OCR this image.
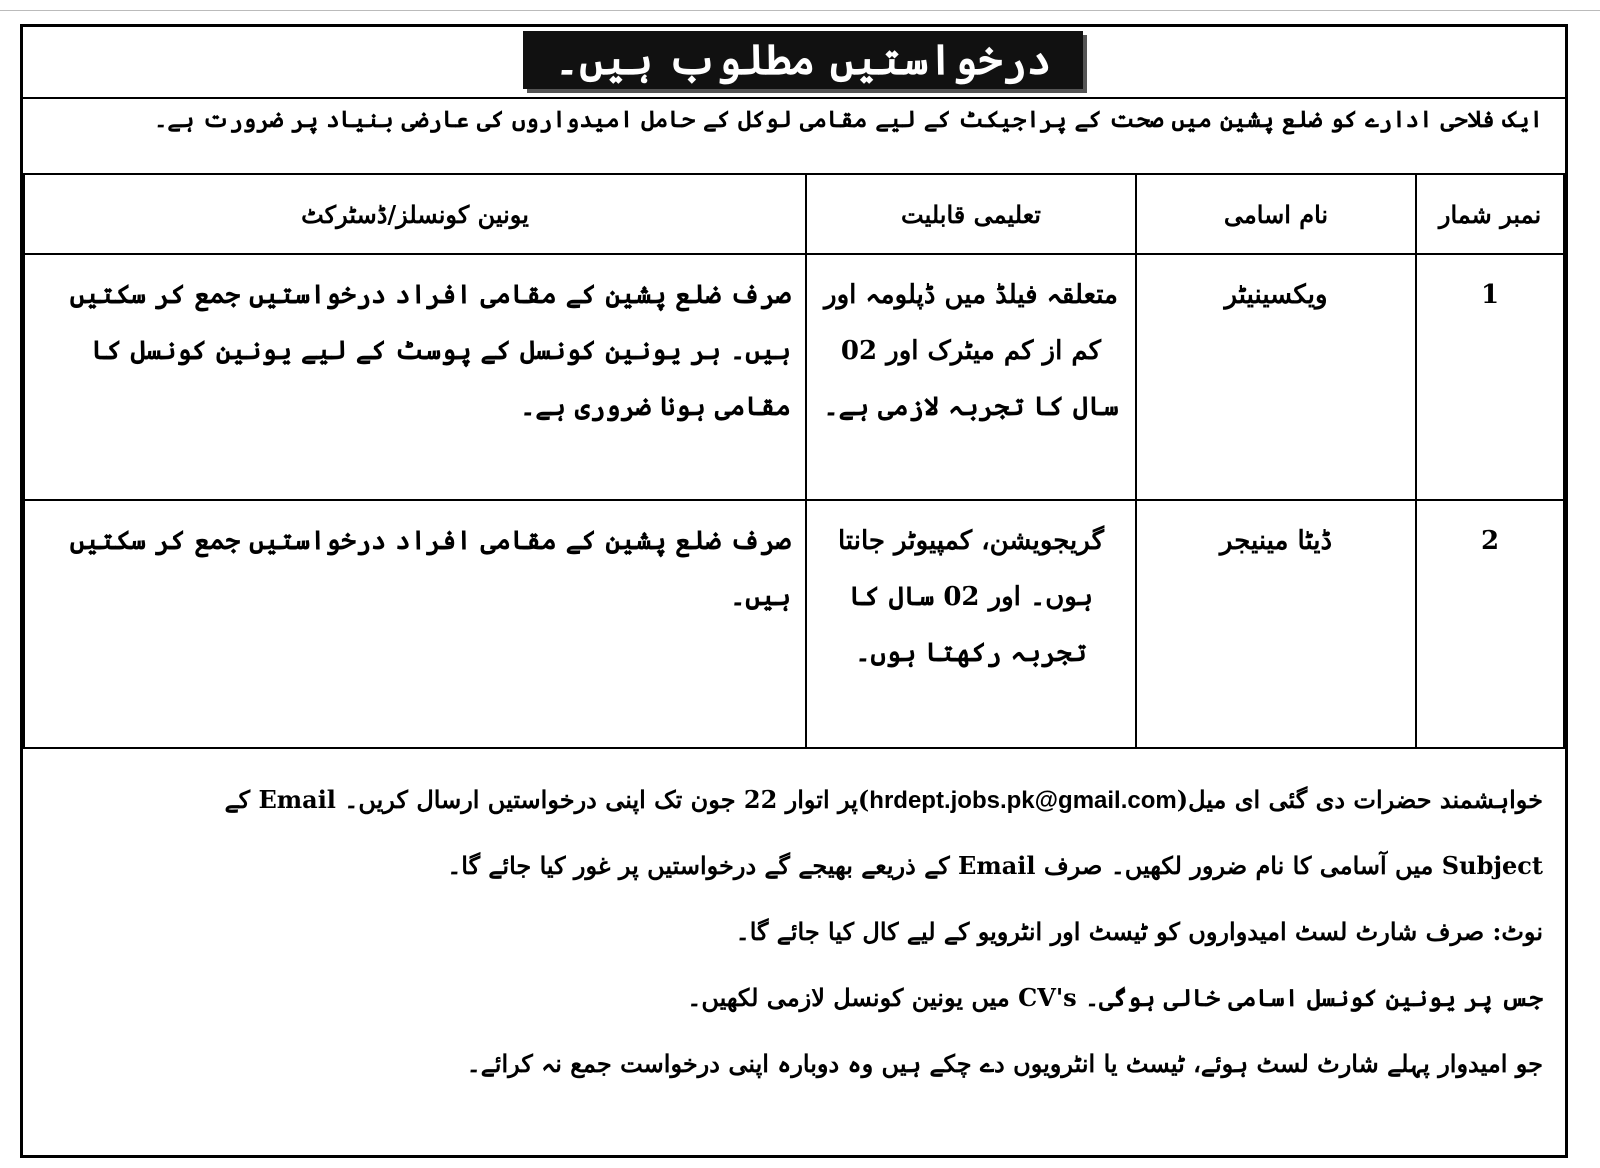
درخواستیں مطلوب ہیں۔
ایک فلاحی ادارے کو ضلع پشین میں صحت کے پراجیکٹ کے لیے مقامی لوکل کے حامل امیدواروں کی عارضی بنیاد پر ضرورت ہے۔
نمبر شمار	نام اسامی	تعلیمی قابلیت	یونین کونسلز/ڈسٹرکٹ
1	ویکسینیٹر	متعلقہ فیلڈ میں ڈپلومہ اور کم از کم میٹرک اور 02 سال کا تجربہ لازمی ہے۔	صرف ضلع پشین کے مقامی افراد درخواستیں جمع کر سکتیں ہیں۔ ہر یونین کونسل کے پوسٹ کے لیے یونین کونسل کا مقامی ہونا ضروری ہے۔
2	ڈیٹا مینیجر	گریجویشن، کمپیوٹر جانتا ہوں۔ اور 02 سال کا تجربہ رکھتا ہوں۔	صرف ضلع پشین کے مقامی افراد درخواستیں جمع کر سکتیں ہیں۔

خواہشمند حضرات دی گئی ای میل(hrdept.jobs.pk@gmail.com)پر اتوار 22 جون تک اپنی درخواستیں ارسال کریں۔ Email کے

Subject میں آسامی کا نام ضرور لکھیں۔ صرف Email کے ذریعے بھیجے گے درخواستیں پر غور کیا جائے گا۔

نوٹ: صرف شارٹ لسٹ امیدواروں کو ٹیسٹ اور انٹرویو کے لیے کال کیا جائے گا۔

جس پر یونین کونسل اسامی خالی ہوگی۔ CV's میں یونین کونسل لازمی لکھیں۔

جو امیدوار پہلے شارٹ لسٹ ہوئے، ٹیسٹ یا انٹرویوں دے چکے ہیں وہ دوبارہ اپنی درخواست جمع نہ کرائے۔
